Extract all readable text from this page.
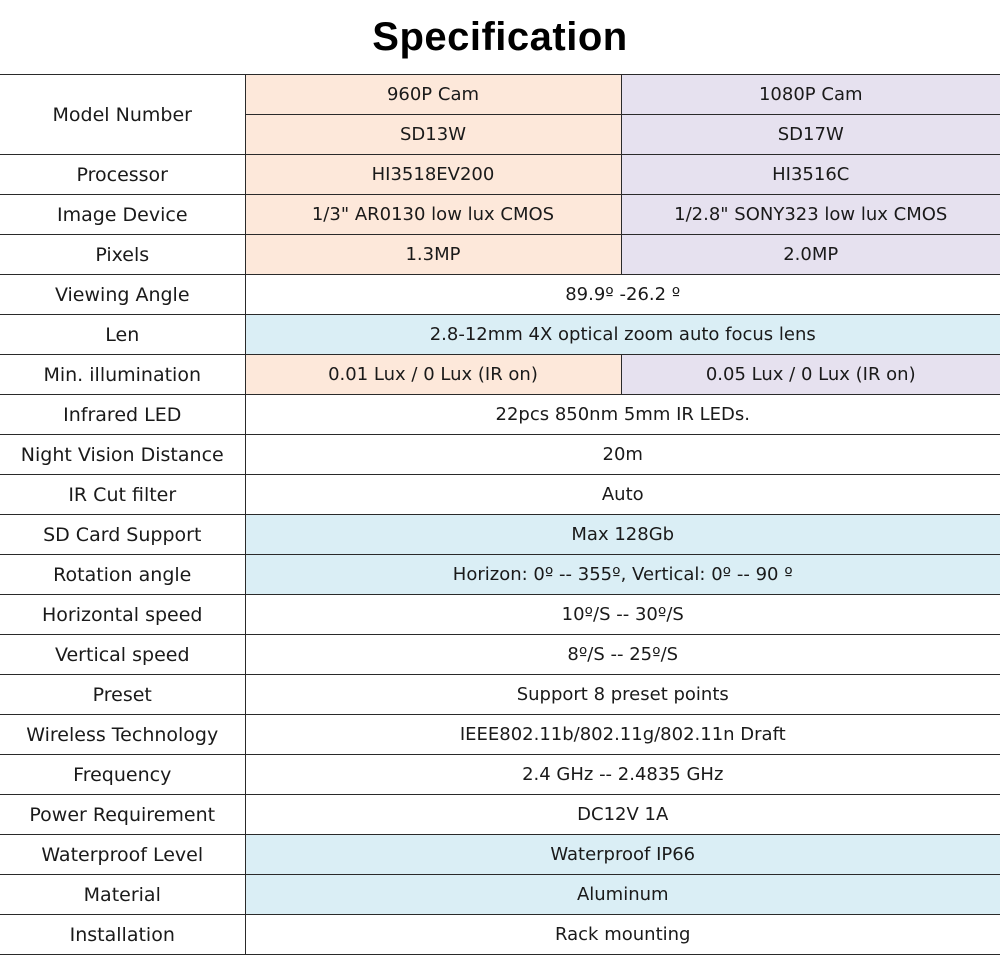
Specification
Model Number	960P Cam	1080P Cam
	SD13W	SD17W
Processor	HI3518EV200	HI3516C
Image Device	1/3" AR0130 low lux CMOS	1/2.8" SONY323 low lux CMOS
Pixels	1.3MP	2.0MP
Viewing Angle	89.9º -26.2 º	
Len	2.8-12mm 4X optical zoom auto focus lens	
Min. illumination	0.01 Lux / 0 Lux (IR on)	0.05 Lux / 0 Lux (IR on)
Infrared LED	22pcs 850nm 5mm IR LEDs.	
Night Vision Distance	20m	
IR Cut filter	Auto	
SD Card Support	Max 128Gb	
Rotation angle	Horizon: 0º -- 355º, Vertical: 0º -- 90 º	
Horizontal speed	10º/S -- 30º/S	
Vertical speed	8º/S -- 25º/S	
Preset	Support 8 preset points	
Wireless Technology	IEEE802.11b/802.11g/802.11n Draft	
Frequency	2.4 GHz -- 2.4835 GHz	
Power Requirement	DC12V 1A	
Waterproof Level	Waterproof IP66	
Material	Aluminum	
Installation	Rack mounting	
